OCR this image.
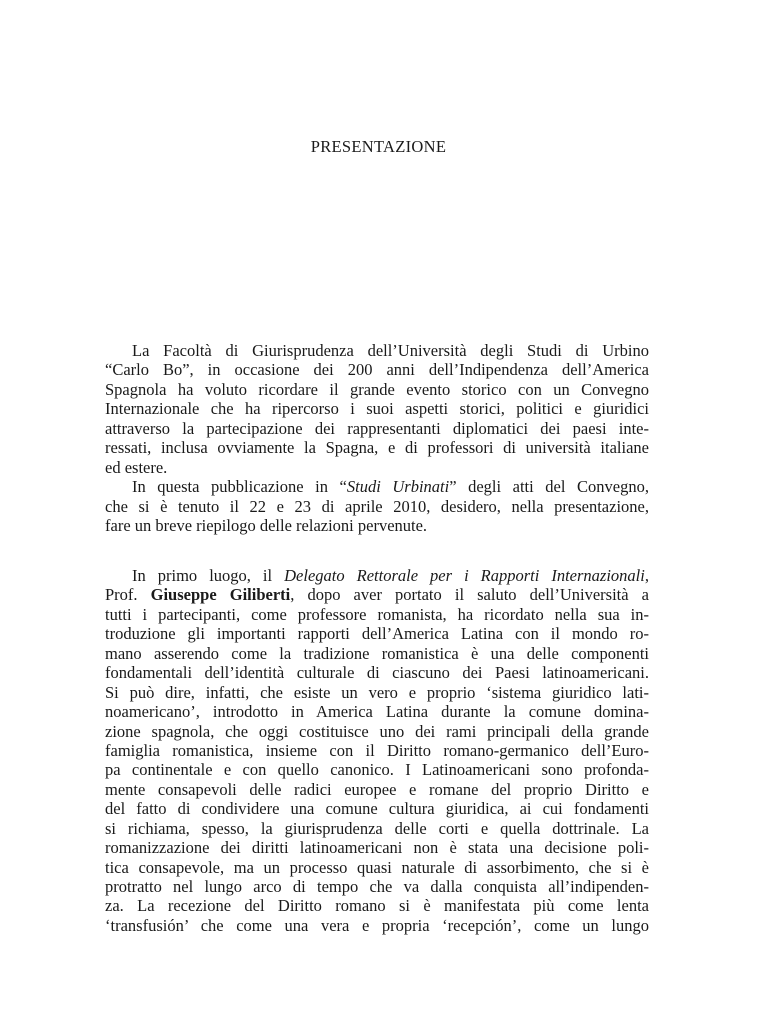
PRESENTAZIONE
La Facoltà di Giurisprudenza dell’Università degli Studi di Urbino
“Carlo Bo”, in occasione dei 200 anni dell’Indipendenza dell’America
Spagnola ha voluto ricordare il grande evento storico con un Convegno
Internazionale che ha ripercorso i suoi aspetti storici, politici e giuridici
attraverso la partecipazione dei rappresentanti diplomatici dei paesi inte-
ressati, inclusa ovviamente la Spagna, e di professori di università italiane
ed estere.
In questa pubblicazione in “Studi Urbinati” degli atti del Convegno,
che si è tenuto il 22 e 23 di aprile 2010, desidero, nella presentazione,
fare un breve riepilogo delle relazioni pervenute.
In primo luogo, il Delegato Rettorale per i Rapporti Internazionali,
Prof. Giuseppe Giliberti, dopo aver portato il saluto dell’Università a
tutti i partecipanti, come professore romanista, ha ricordato nella sua in-
troduzione gli importanti rapporti dell’America Latina con il mondo ro-
mano asserendo come la tradizione romanistica è una delle componenti
fondamentali dell’identità culturale di ciascuno dei Paesi latinoamericani.
Si può dire, infatti, che esiste un vero e proprio ‘sistema giuridico lati-
noamericano’, introdotto in America Latina durante la comune domina-
zione spagnola, che oggi costituisce uno dei rami principali della grande
famiglia romanistica, insieme con il Diritto romano-germanico dell’Euro-
pa continentale e con quello canonico. I Latinoamericani sono profonda-
mente consapevoli delle radici europee e romane del proprio Diritto e
del fatto di condividere una comune cultura giuridica, ai cui fondamenti
si richiama, spesso, la giurisprudenza delle corti e quella dottrinale. La
romanizzazione dei diritti latinoamericani non è stata una decisione poli-
tica consapevole, ma un processo quasi naturale di assorbimento, che si è
protratto nel lungo arco di tempo che va dalla conquista all’indipenden-
za. La recezione del Diritto romano si è manifestata più come lenta
‘transfusión’ che come una vera e propria ‘recepción’, come un lungo
